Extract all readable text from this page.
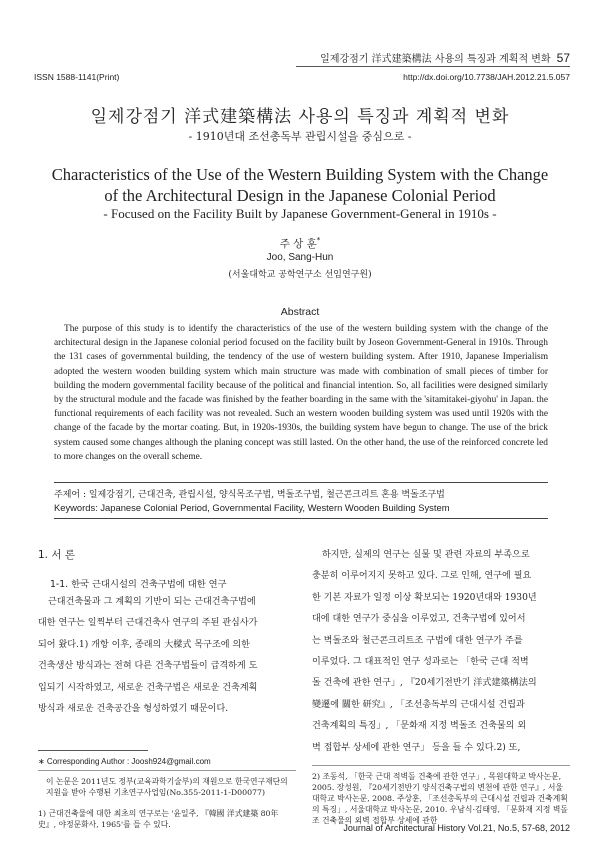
일제강점기 洋式建築構法 사용의 특징과 계획적 변화 57
ISSN 1588-1141(Print)	http://dx.doi.org/10.7738/JAH.2012.21.5.057
일제강점기 洋式建築構法 사용의 특징과 계획적 변화
- 1910년대 조선총독부 관립시설을 중심으로 -
Characteristics of the Use of the Western Building System with the Change
of the Architectural Design in the Japanese Colonial Period
- Focused on the Facility Built by Japanese Government-General in 1910s -
주 상 훈*
Joo, Sang-Hun
(서울대학교 공학연구소 선임연구원)
Abstract
The purpose of this study is to identify the characteristics of the use of the western building system with the change of the architectural design in the Japanese colonial period focused on the facility built by Joseon Government-General in 1910s. Through the 131 cases of governmental building, the tendency of the use of western building system. After 1910, Japanese Imperialism adopted the western wooden building system which main structure was made with combination of small pieces of timber for building the modern governmental facility because of the political and financial intention. So, all facilities were designed similarly by the structural module and the facade was finished by the feather boarding in the same with the 'sitamitakei-giyohu' in Japan. the functional requirements of each facility was not revealed. Such an western wooden building system was used until 1920s with the change of the facade by the mortar coating. But, in 1920s-1930s, the building system have begun to change. The use of the brick system caused some changes although the planing concept was still lasted. On the other hand, the use of the reinforced concrete led to more changes on the overall scheme.
주제어 : 일제강점기, 근대건축, 관립시설, 양식목조구법, 벽돌조구법, 철근콘크리트 혼용 벽돌조구법
Keywords: Japanese Colonial Period, Governmental Facility, Western Wooden Building System
1. 서 론
1-1. 한국 근대시설의 건축구법에 대한 연구
근대건축물과 그 계획의 기반이 되는 근대건축구법에
대한 연구는 일찍부터 근대건축사 연구의 주된 관심사가
되어 왔다.1) 개항 이후, 종래의 大樑式 목구조에 의한
건축생산 방식과는 전혀 다른 건축구법들이 급격하게 도
입되기 시작하였고, 새로운 건축구법은 새로운 건축계획
방식과 새로운 건축공간을 형성하였기 때문이다.
하지만, 실제의 연구는 실물 및 관련 자료의 부족으로
충분히 이루어지지 못하고 있다. 그로 인해, 연구에 필요
한 기본 자료가 일정 이상 확보되는 1920년대와 1930년
대에 대한 연구가 중심을 이루었고, 건축구법에 있어서
는 벽돌조와 철근콘크리트조 구법에 대한 연구가 주를
이루었다. 그 대표적인 연구 성과로는 「한국 근대 적벽
돌 건축에 관한 연구」, 『20세기전반기 洋式建築構法의
變遷에 關한 研究』, 「조선총독부의 근대시설 건립과
건축계획의 특징」, 「문화재 지정 벽돌조 건축물의 외
벽 접합부 상세에 관한 연구」 등을 들 수 있다.2) 또,
∗ Corresponding Author : Joosh924@gmail.com
이 논문은 2011년도 정부(교육과학기술부)의 재원으로 한국연구재단의 지원을 받아 수행된 기초연구사업임(No.355-2011-1-D00077)
1) 근대건축물에 대한 최초의 연구로는 '윤일주, 『韓國 洋式建築 80年史』, 야정문화사, 1965'를 들 수 있다.
2) 조동석, 「한국 근대 적벽돌 건축에 관한 연구」, 목원대학교 박사논문, 2005. 장성원, 『20세기전반기 양식건축구법의 변천에 관한 연구』, 서울대학교 박사논문, 2008. 주상훈, 「조선총독부의 근대시설 건립과 건축계획의 특징」, 서울대학교 박사논문, 2010. 우남식·김태영, 「문화재 지정 벽돌조 건축물의 외벽 접합부 상세에 관한
Journal of Architectural History Vol.21, No.5, 57-68, 2012
